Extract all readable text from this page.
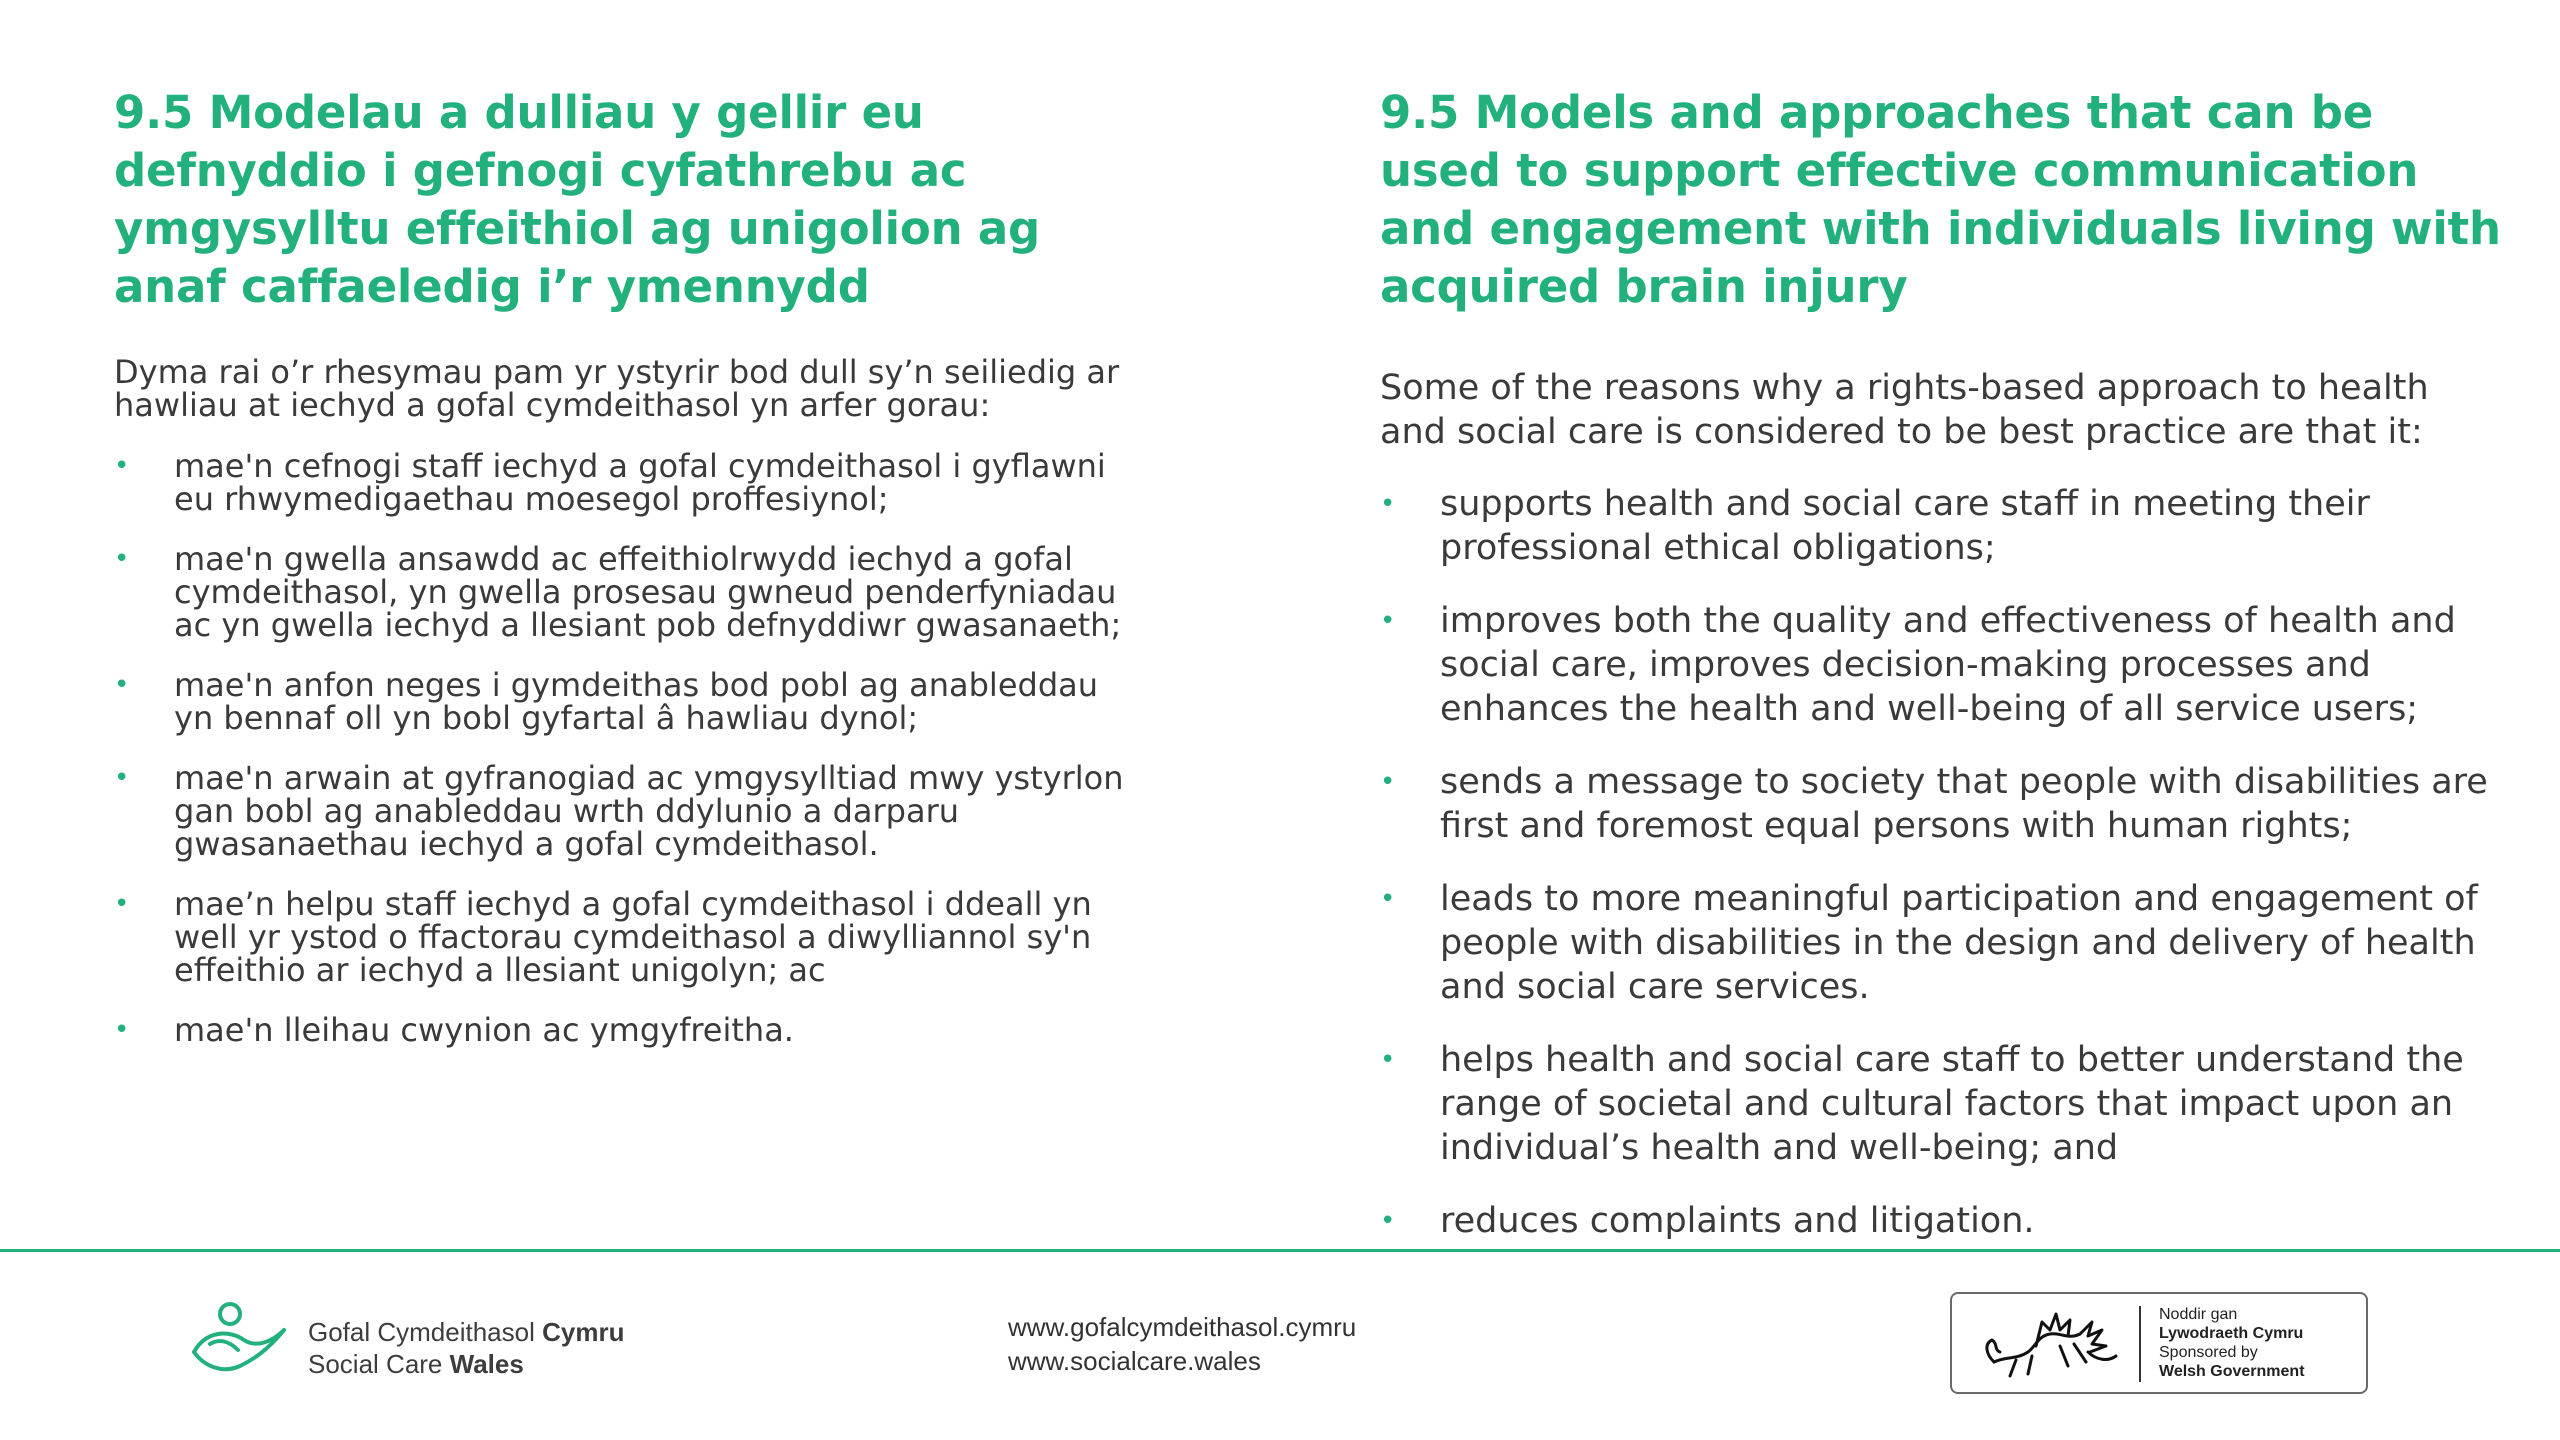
9.5 Modelau a dulliau y gellir eu defnyddio i gefnogi cyfathrebu ac ymgysylltu effeithiol ag unigolion ag anaf caffaeledig i’r ymennydd

Dyma rai o’r rhesymau pam yr ystyrir bod dull sy’n seiliedig ar hawliau at iechyd a gofal cymdeithasol yn arfer gorau:

• mae'n cefnogi staff iechyd a gofal cymdeithasol i gyflawni eu rhwymedigaethau moesegol proffesiynol;
• mae'n gwella ansawdd ac effeithiolrwydd iechyd a gofal cymdeithasol, yn gwella prosesau gwneud penderfyniadau ac yn gwella iechyd a llesiant pob defnyddiwr gwasanaeth;
• mae'n anfon neges i gymdeithas bod pobl ag anableddau yn bennaf oll yn bobl gyfartal â hawliau dynol;
• mae'n arwain at gyfranogiad ac ymgysylltiad mwy ystyrlon gan bobl ag anableddau wrth ddylunio a darparu gwasanaethau iechyd a gofal cymdeithasol.
• mae’n helpu staff iechyd a gofal cymdeithasol i ddeall yn well yr ystod o ffactorau cymdeithasol a diwylliannol sy'n effeithio ar iechyd a llesiant unigolyn; ac
• mae'n lleihau cwynion ac ymgyfreitha.
9.5 Models and approaches that can be used to support effective communication and engagement with individuals living with acquired brain injury

Some of the reasons why a rights-based approach to health and social care is considered to be best practice are that it:

• supports health and social care staff in meeting their professional ethical obligations;
• improves both the quality and effectiveness of health and social care, improves decision-making processes and enhances the health and well-being of all service users;
• sends a message to society that people with disabilities are first and foremost equal persons with human rights;
• leads to more meaningful participation and engagement of people with disabilities in the design and delivery of health and social care services.
• helps health and social care staff to better understand the range of societal and cultural factors that impact upon an individual’s health and well-being; and
• reduces complaints and litigation.
Gofal Cymdeithasol Cymru
Social Care Wales
www.gofalcymdeithasol.cymru
www.socialcare.wales
Noddir gan
Lywodraeth Cymru
Sponsored by
Welsh Government
